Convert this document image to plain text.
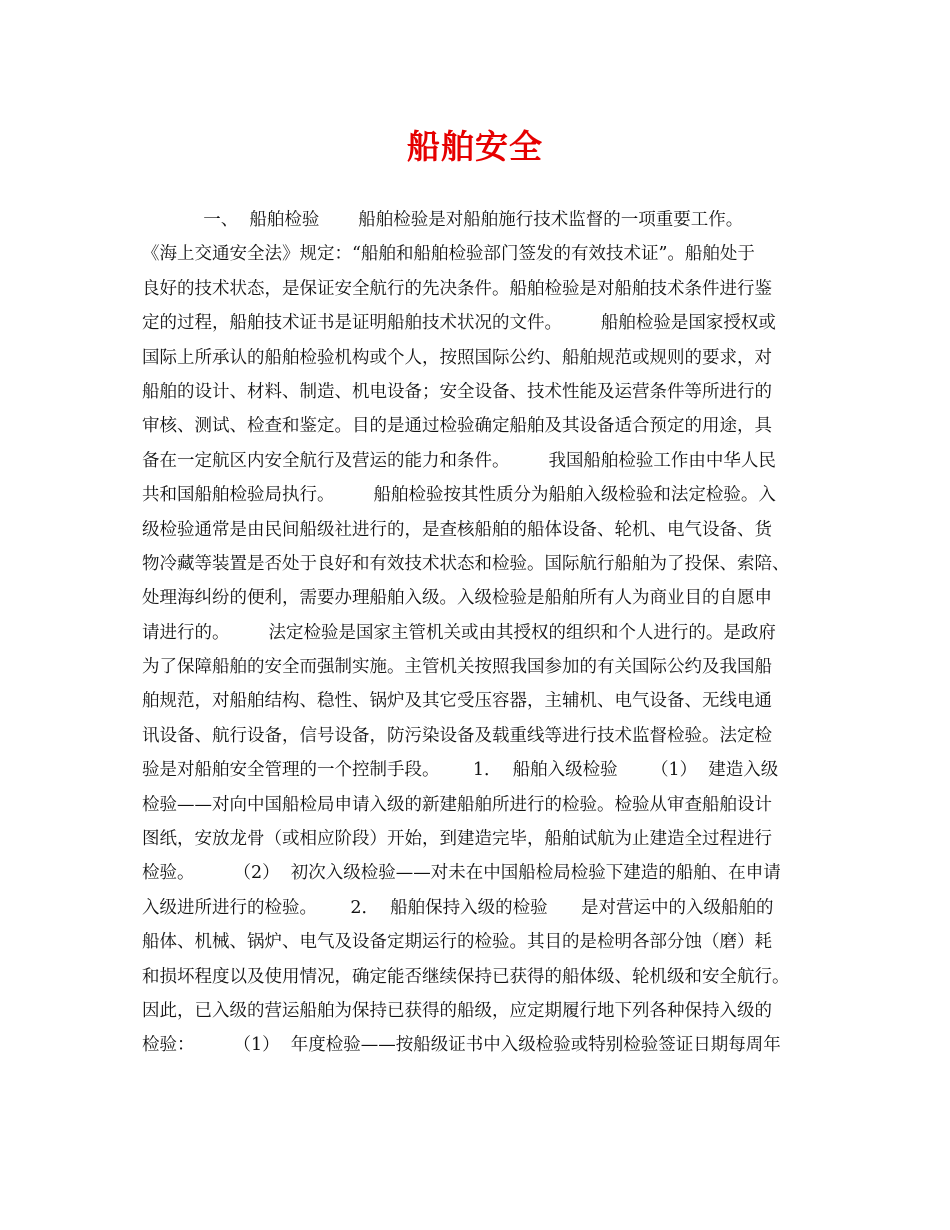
船舶安全
一、  船舶检验       船舶检验是对船舶施行技术监督的一项重要工作。
《海上交通安全法》规定：“船舶和船舶检验部门签发的有效技术证”。船舶处于
良好的技术状态，是保证安全航行的先决条件。船舶检验是对船舶技术条件进行鉴
定的过程，船舶技术证书是证明船舶技术状况的文件。       船舶检验是国家授权或
国际上所承认的船舶检验机构或个人，按照国际公约、船舶规范或规则的要求，对
船舶的设计、材料、制造、机电设备；安全设备、技术性能及运营条件等所进行的
审核、测试、检查和鉴定。目的是通过检验确定船舶及其设备适合预定的用途，具
备在一定航区内安全航行及营运的能力和条件。       我国船舶检验工作由中华人民
共和国船舶检验局执行。       船舶检验按其性质分为船舶入级检验和法定检验。入
级检验通常是由民间船级社进行的，是查核船舶的船体设备、轮机、电气设备、货
物冷藏等装置是否处于良好和有效技术状态和检验。国际航行船舶为了投保、索陪、
处理海纠纷的便利，需要办理船舶入级。入级检验是船舶所有人为商业目的自愿申
请进行的。       法定检验是国家主管机关或由其授权的组织和个人进行的。是政府
为了保障船舶的安全而强制实施。主管机关按照我国参加的有关国际公约及我国船
舶规范，对船舶结构、稳性、锅炉及其它受压容器，主辅机、电气设备、无线电通
讯设备、航行设备，信号设备，防污染设备及载重线等进行技术监督检验。法定检
验是对船舶安全管理的一个控制手段。      1．  船舶入级检验      （1）  建造入级
检验——对向中国船检局申请入级的新建船舶所进行的检验。检验从审查船舶设计
图纸，安放龙骨（或相应阶段）开始，到建造完毕，船舶试航为止建造全过程进行
检验。       （2）  初次入级检验——对未在中国船检局检验下建造的船舶、在申请
入级进所进行的检验。      2．  船舶保持入级的检验      是对营运中的入级船舶的
船体、机械、锅炉、电气及设备定期运行的检验。其目的是检明各部分蚀（磨）耗
和损坏程度以及使用情况，确定能否继续保持已获得的船体级、轮机级和安全航行。
因此，已入级的营运船舶为保持已获得的船级，应定期履行地下列各种保持入级的
检验：       （1）  年度检验——按船级证书中入级检验或特别检验签证日期每周年
